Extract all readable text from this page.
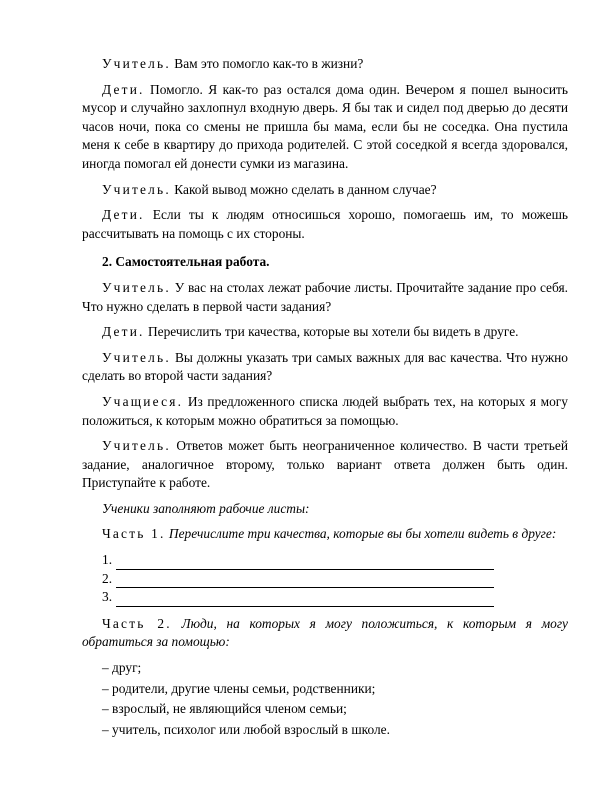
Учитель. Вам это помогло как-то в жизни?

Дети. Помогло. Я как-то раз остался дома один. Вечером я пошел выносить мусор и случайно захлопнул входную дверь. Я бы так и сидел под дверью до десяти часов ночи, пока со смены не пришла бы мама, если бы не соседка. Она пустила меня к себе в квартиру до прихода родителей. С этой соседкой я всегда здоровался, иногда помогал ей донести сумки из магазина.

Учитель. Какой вывод можно сделать в данном случае?

Дети. Если ты к людям относишься хорошо, помогаешь им, то можешь рассчитывать на помощь с их стороны.

2. Самостоятельная работа.

Учитель. У вас на столах лежат рабочие листы. Прочитайте задание про себя. Что нужно сделать в первой части задания?

Дети. Перечислить три качества, которые вы хотели бы видеть в друге.

Учитель. Вы должны указать три самых важных для вас качества. Что нужно сделать во второй части задания?

Учащиеся. Из предложенного списка людей выбрать тех, на которых я могу положиться, к которым можно обратиться за помощью.

Учитель. Ответов может быть неограниченное количество. В части третьей задание, аналогичное второму, только вариант ответа должен быть один. Приступайте к работе.

Ученики заполняют рабочие листы:

Часть 1. Перечислите три качества, которые вы бы хотели видеть в друге:

1.
2.
3.

Часть 2. Люди, на которых я могу положиться, к которым я могу обратиться за помощью:

– друг;

– родители, другие члены семьи, родственники;

– взрослый, не являющийся членом семьи;

– учитель, психолог или любой взрослый в школе.
